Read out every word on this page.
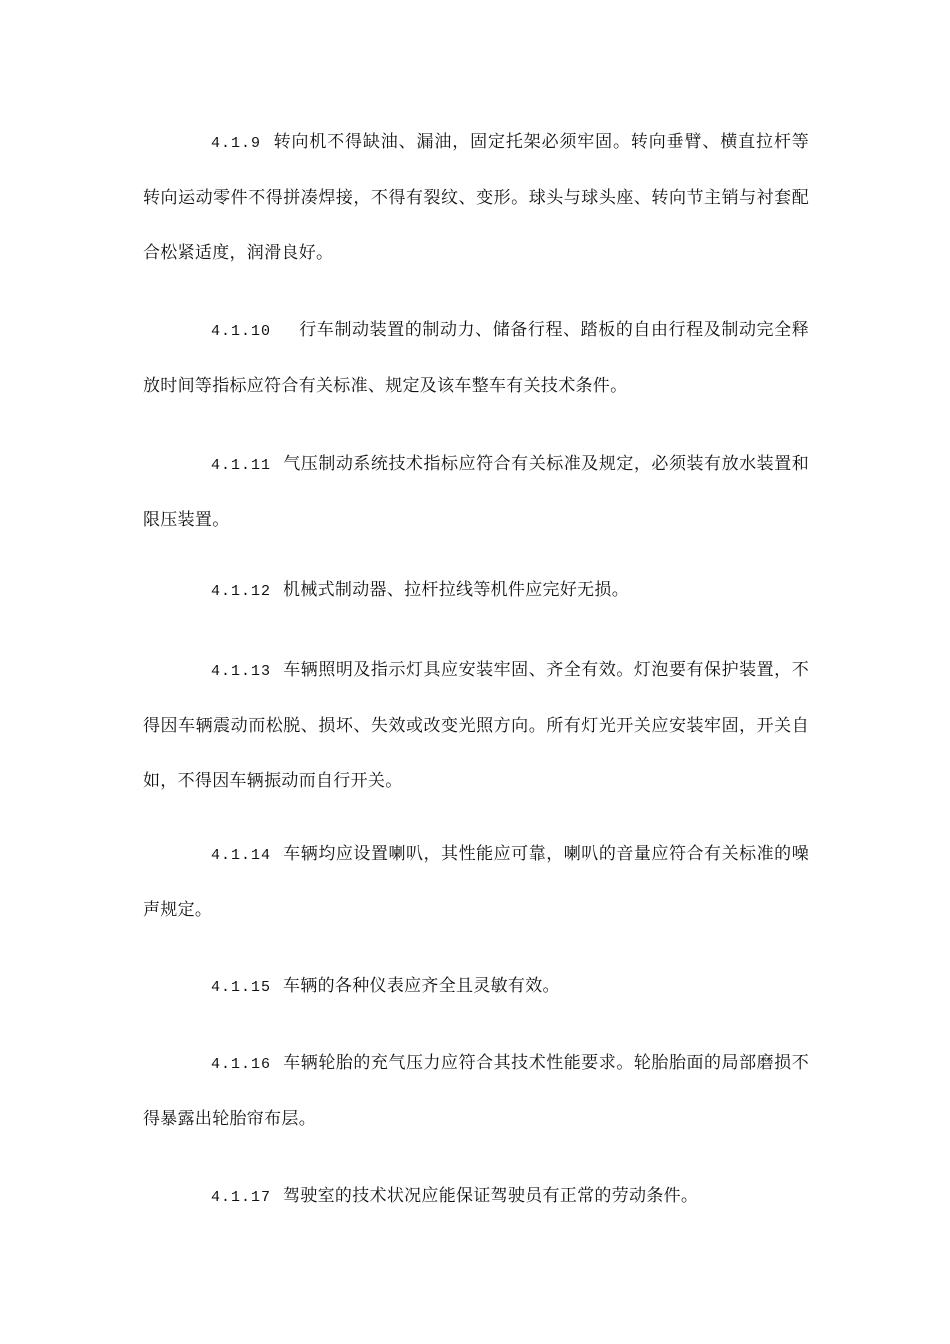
4.1.9 转向机不得缺油、漏油，固定托架必须牢固。转向垂臂、横直拉杆等转向运动零件不得拼凑焊接，不得有裂纹、变形。球头与球头座、转向节主销与衬套配合松紧适度，润滑良好。

4.1.10 行车制动装置的制动力、储备行程、踏板的自由行程及制动完全释放时间等指标应符合有关标准、规定及该车整车有关技术条件。

4.1.11 气压制动系统技术指标应符合有关标准及规定，必须装有放水装置和限压装置。

4.1.12 机械式制动器、拉杆拉线等机件应完好无损。

4.1.13 车辆照明及指示灯具应安装牢固、齐全有效。灯泡要有保护装置，不得因车辆震动而松脱、损坏、失效或改变光照方向。所有灯光开关应安装牢固，开关自如，不得因车辆振动而自行开关。

4.1.14 车辆均应设置喇叭，其性能应可靠，喇叭的音量应符合有关标准的噪声规定。

4.1.15 车辆的各种仪表应齐全且灵敏有效。

4.1.16 车辆轮胎的充气压力应符合其技术性能要求。轮胎胎面的局部磨损不得暴露出轮胎帘布层。

4.1.17 驾驶室的技术状况应能保证驾驶员有正常的劳动条件。
